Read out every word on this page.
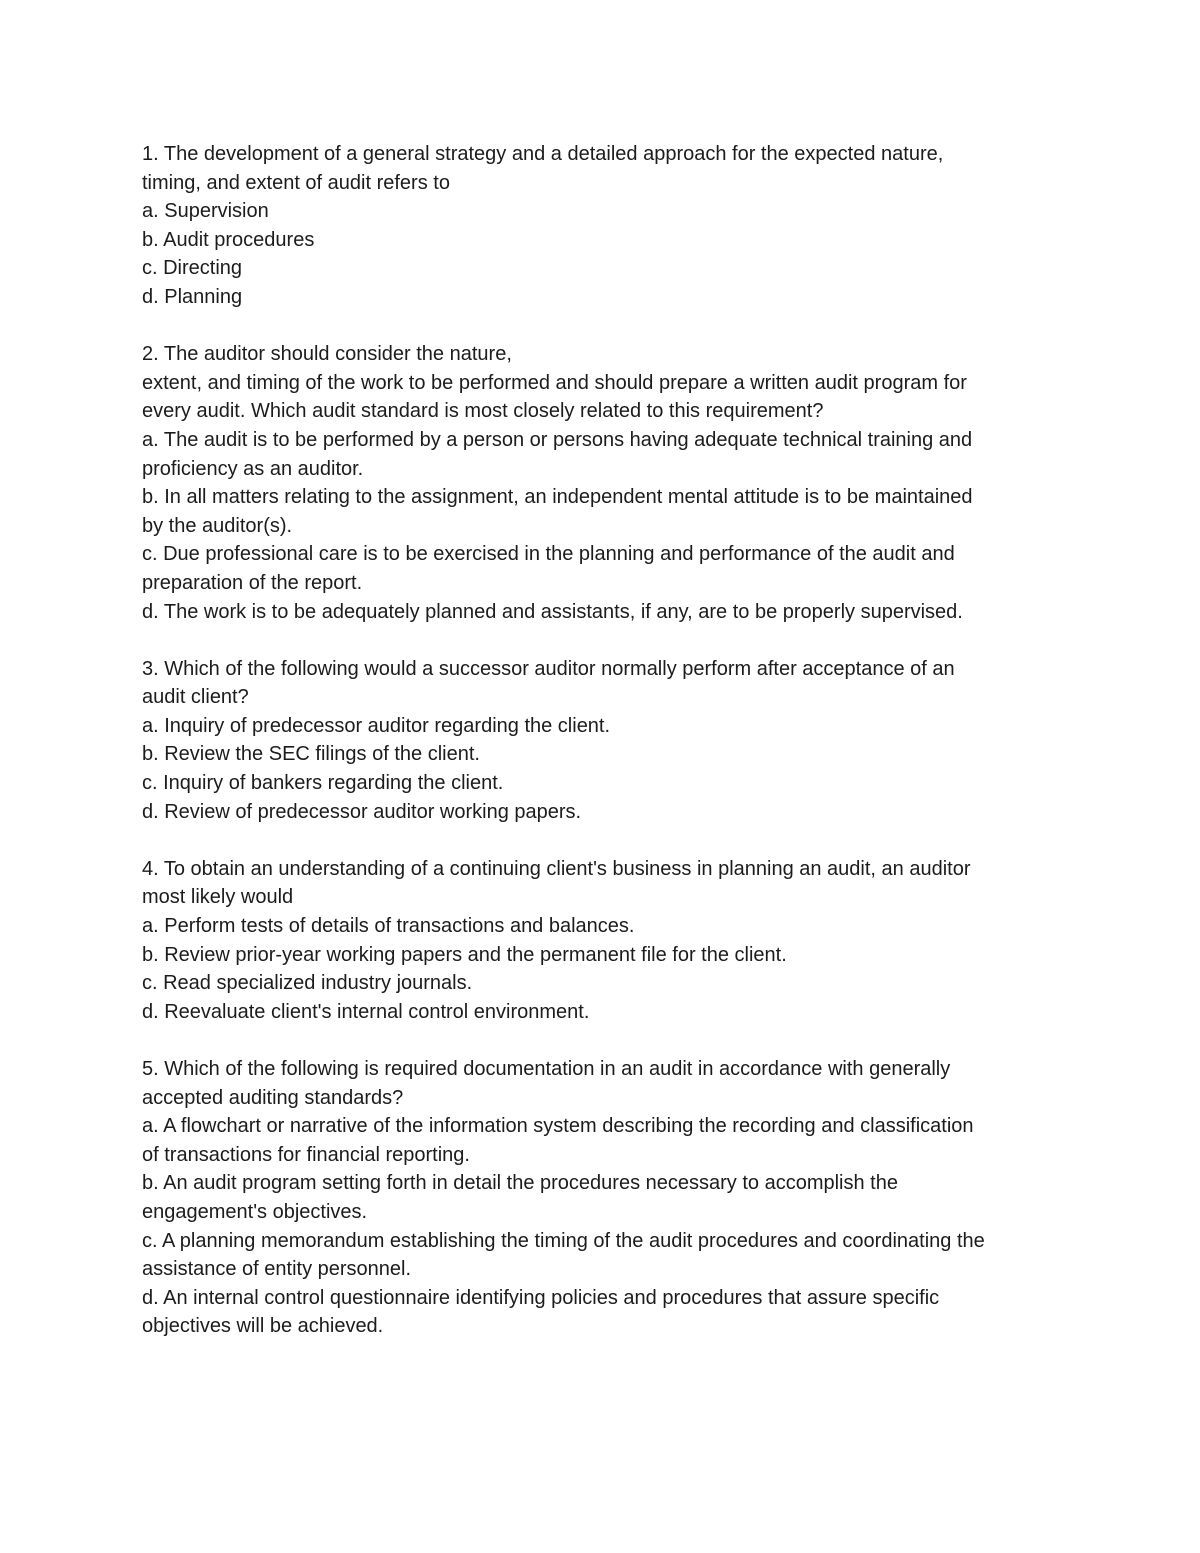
1. The development of a general strategy and a detailed approach for the expected nature,
timing, and extent of audit refers to
a. Supervision
b. Audit procedures
c. Directing
d. Planning
2. The auditor should consider the nature,
extent, and timing of the work to be performed and should prepare a written audit program for
every audit. Which audit standard is most closely related to this requirement?
a. The audit is to be performed by a person or persons having adequate technical training and
proficiency as an auditor.
b. In all matters relating to the assignment, an independent mental attitude is to be maintained
by the auditor(s).
c. Due professional care is to be exercised in the planning and performance of the audit and
preparation of the report.
d. The work is to be adequately planned and assistants, if any, are to be properly supervised.
3. Which of the following would a successor auditor normally perform after acceptance of an
audit client?
a. Inquiry of predecessor auditor regarding the client.
b. Review the SEC filings of the client.
c. Inquiry of bankers regarding the client.
d. Review of predecessor auditor working papers.
4. To obtain an understanding of a continuing client's business in planning an audit, an auditor
most likely would
a. Perform tests of details of transactions and balances.
b. Review prior-year working papers and the permanent file for the client.
c. Read specialized industry journals.
d. Reevaluate client's internal control environment.
5. Which of the following is required documentation in an audit in accordance with generally
accepted auditing standards?
a. A flowchart or narrative of the information system describing the recording and classification
of transactions for financial reporting.
b. An audit program setting forth in detail the procedures necessary to accomplish the
engagement's objectives.
c. A planning memorandum establishing the timing of the audit procedures and coordinating the
assistance of entity personnel.
d. An internal control questionnaire identifying policies and procedures that assure specific
objectives will be achieved.
